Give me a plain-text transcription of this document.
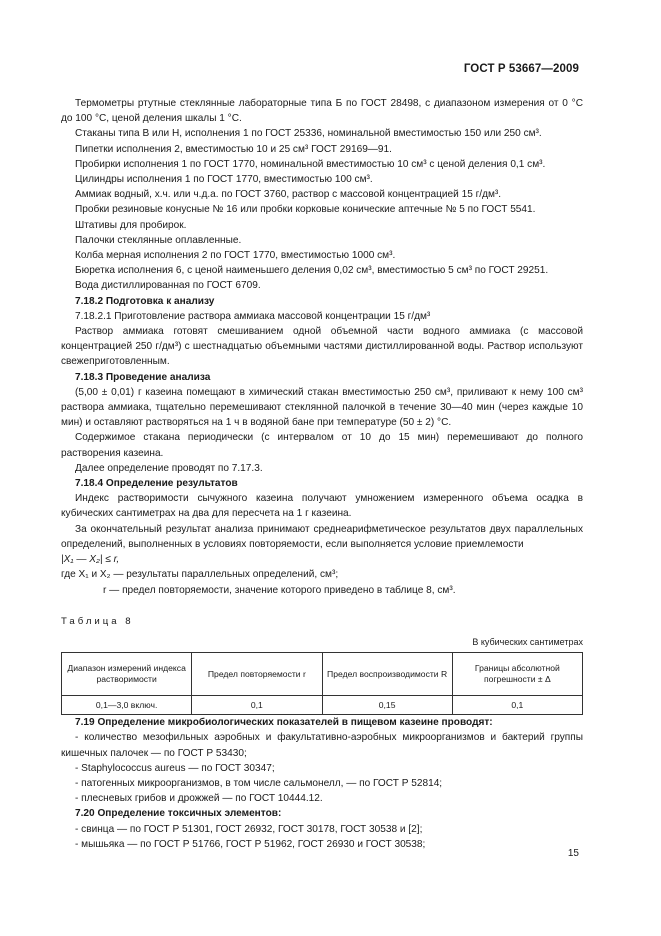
ГОСТ Р 53667—2009

Термометры ртутные стеклянные лабораторные типа Б по ГОСТ 28498, с диапазоном измерения от 0 °С до 100 °С, ценой деления шкалы 1 °С.

Стаканы типа В или Н, исполнения 1 по ГОСТ 25336, номинальной вместимостью 150 или 250 см³.

Пипетки исполнения 2, вместимостью 10 и 25 см³ ГОСТ 29169—91.

Пробирки исполнения 1 по ГОСТ 1770, номинальной вместимостью 10 см³ с ценой деления 0,1 см³.

Цилиндры исполнения 1 по ГОСТ 1770, вместимостью 100 см³.

Аммиак водный, х.ч. или ч.д.а. по ГОСТ 3760, раствор с массовой концентрацией 15 г/дм³.

Пробки резиновые конусные № 16 или пробки корковые конические аптечные № 5 по ГОСТ 5541.

Штативы для пробирок.

Палочки стеклянные оплавленные.

Колба мерная исполнения 2 по ГОСТ 1770, вместимостью 1000 см³.

Бюретка исполнения 6, с ценой наименьшего деления 0,02 см³, вместимостью 5 см³ по ГОСТ 29251.

Вода дистиллированная по ГОСТ 6709.

7.18.2 Подготовка к анализу

7.18.2.1 Приготовление раствора аммиака массовой концентрации 15 г/дм³

Раствор аммиака готовят смешиванием одной объемной части водного аммиака (с массовой концентрацией 250 г/дм³) с шестнадцатью объемными частями дистиллированной воды. Раствор используют свежеприготовленным.

7.18.3 Проведение анализа

(5,00 ± 0,01) г казеина помещают в химический стакан вместимостью 250 см³, приливают к нему 100 см³ раствора аммиака, тщательно перемешивают стеклянной палочкой в течение 30—40 мин (через каждые 10 мин) и оставляют растворяться на 1 ч в водяной бане при температуре (50 ± 2) °С.

Содержимое стакана периодически (с интервалом от 10 до 15 мин) перемешивают до полного растворения казеина.

Далее определение проводят по 7.17.3.

7.18.4 Определение результатов

Индекс растворимости сычужного казеина получают умножением измеренного объема осадка в кубических сантиметрах на два для пересчета на 1 г казеина.

За окончательный результат анализа принимают среднеарифметическое результатов двух параллельных определений, выполненных в условиях повторяемости, если выполняется условие приемлемости

|X₁ — X₂| ≤ r,

где X₁ и X₂ — результаты параллельных определений, см³;

r — предел повторяемости, значение которого приведено в таблице 8, см³.

Таблица 8
В кубических сантиметрах
Диапазон измерений индекса растворимости	Предел повторяемости r	Предел воспроизводимости R	Границы абсолютной погрешности ± Δ
0,1—3,0 включ.	0,1	0,15	0,1

7.19 Определение микробиологических показателей в пищевом казеине проводят:

- количество мезофильных аэробных и факультативно-аэробных микроорганизмов и бактерий группы кишечных палочек — по ГОСТ Р 53430;

- Staphylococcus aureus — по ГОСТ 30347;

- патогенных микроорганизмов, в том числе сальмонелл, — по ГОСТ Р 52814;

- плесневых грибов и дрожжей — по ГОСТ 10444.12.

7.20 Определение токсичных элементов:

- свинца — по ГОСТ Р 51301, ГОСТ 26932, ГОСТ 30178, ГОСТ 30538 и [2];

- мышьяка — по ГОСТ Р 51766, ГОСТ Р 51962, ГОСТ 26930 и ГОСТ 30538;

15
